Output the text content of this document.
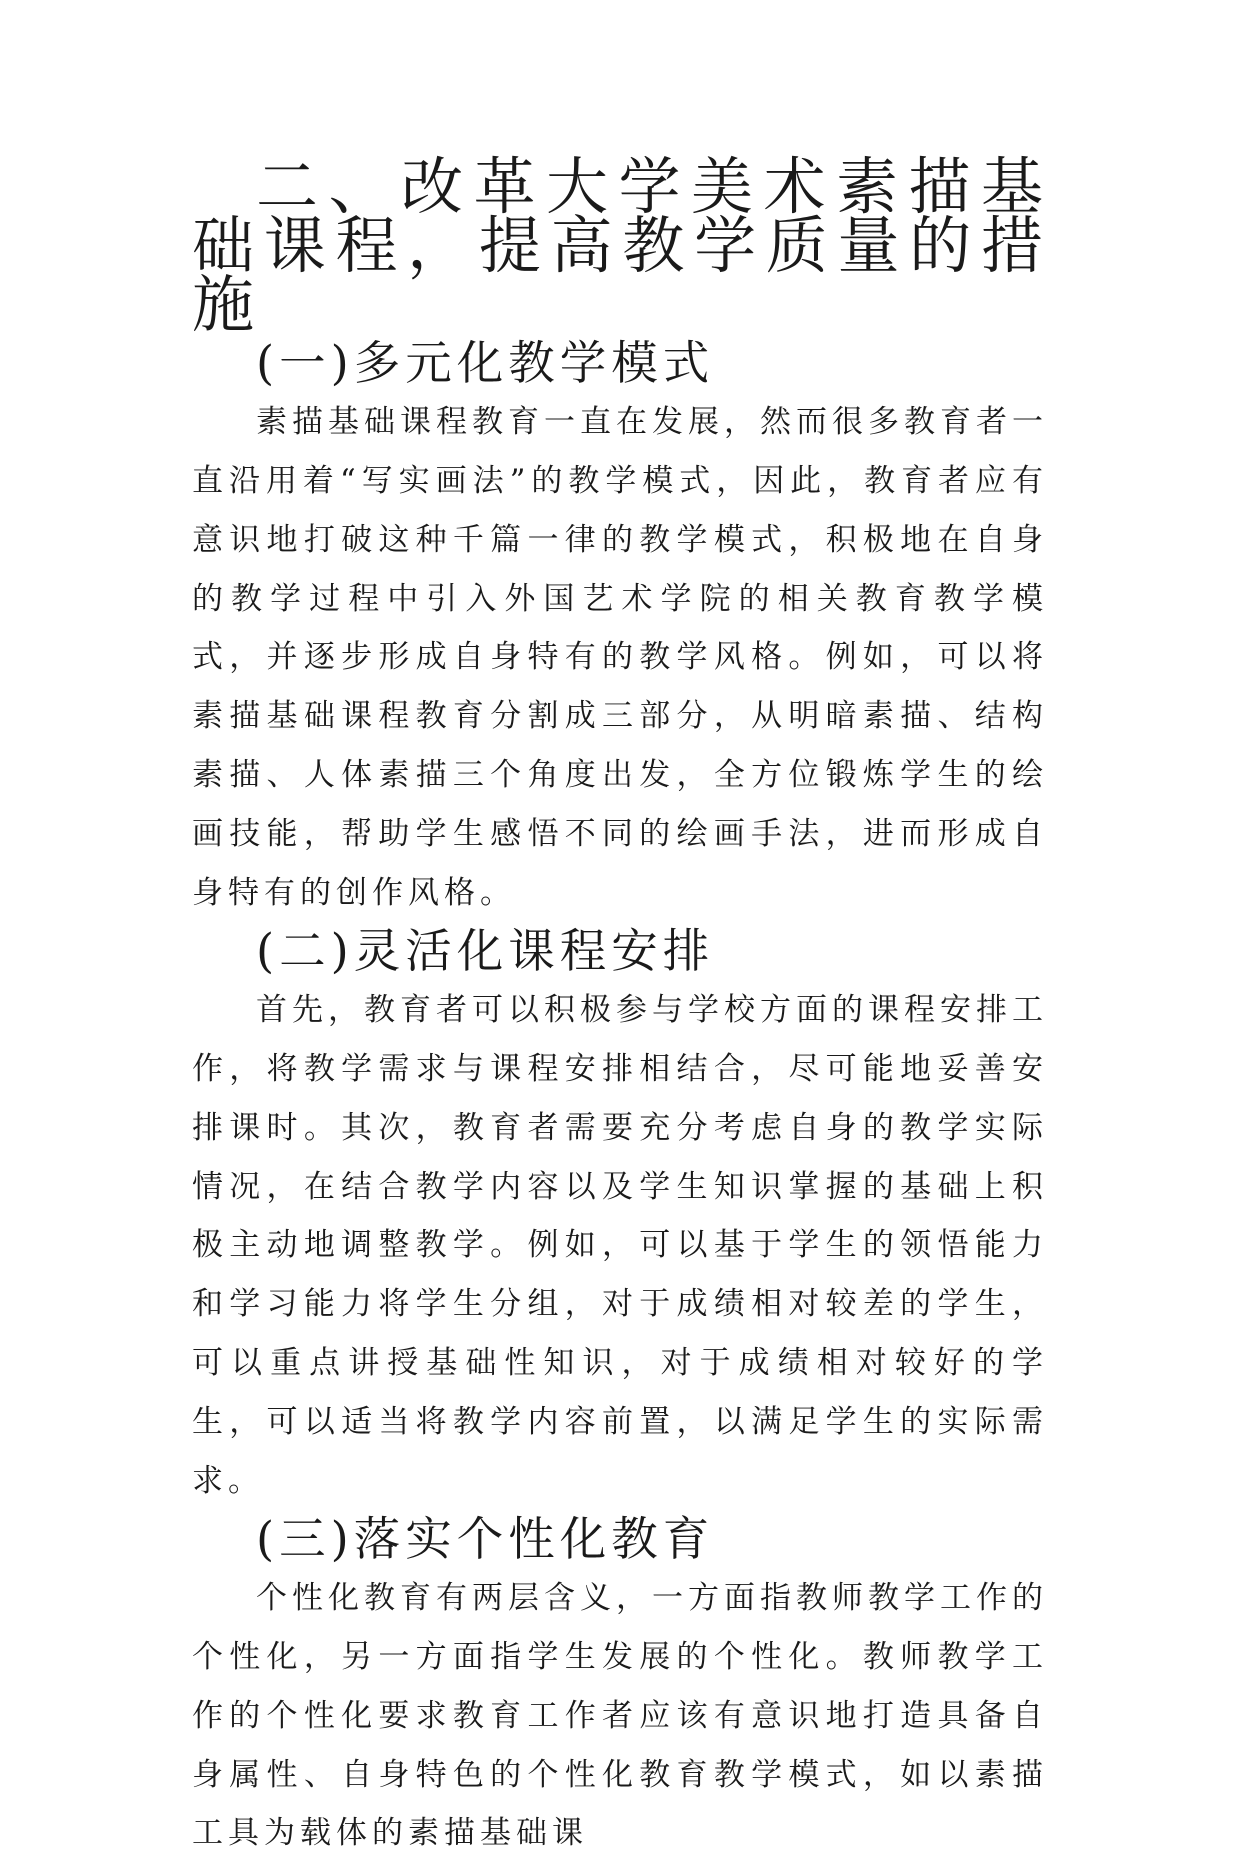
二、改革大学美术素描基础课程，提高教学质量的措施
(一)多元化教学模式

素描基础课程教育一直在发展，然而很多教育者一直沿用着“写实画法”的教学模式，因此，教育者应有意识地打破这种千篇一律的教学模式，积极地在自身的教学过程中引入外国艺术学院的相关教育教学模式，并逐步形成自身特有的教学风格。例如，可以将素描基础课程教育分割成三部分，从明暗素描、结构素描、人体素描三个角度出发，全方位锻炼学生的绘画技能，帮助学生感悟不同的绘画手法，进而形成自身特有的创作风格。

(二)灵活化课程安排

首先，教育者可以积极参与学校方面的课程安排工作，将教学需求与课程安排相结合，尽可能地妥善安排课时。其次，教育者需要充分考虑自身的教学实际情况，在结合教学内容以及学生知识掌握的基础上积极主动地调整教学。例如，可以基于学生的领悟能力和学习能力将学生分组，对于成绩相对较差的学生，可以重点讲授基础性知识，对于成绩相对较好的学生，可以适当将教学内容前置，以满足学生的实际需求。

(三)落实个性化教育

个性化教育有两层含义，一方面指教师教学工作的个性化，另一方面指学生发展的个性化。教师教学工作的个性化要求教育工作者应该有意识地打造具备自身属性、自身特色的个性化教育教学模式，如以素描工具为载体的素描基础课
